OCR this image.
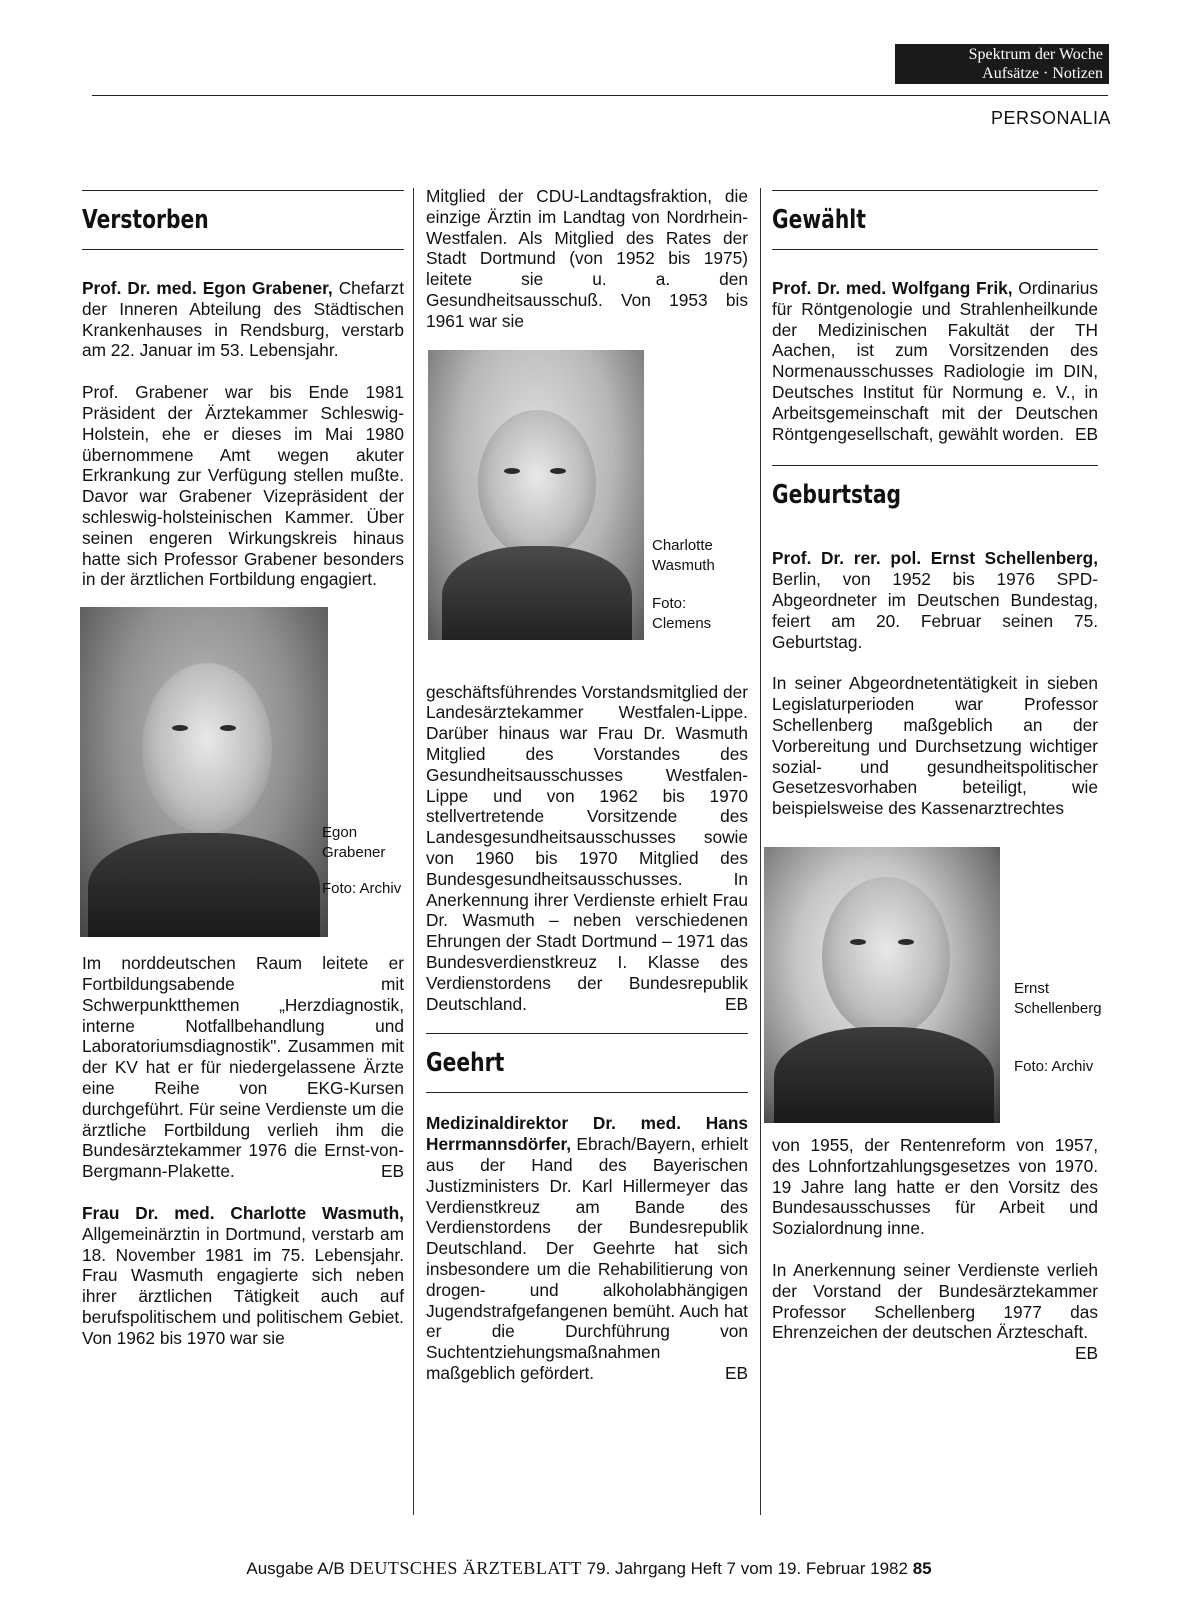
Spektrum der Woche
Aufsätze · Notizen
PERSONALIA
Verstorben

Prof. Dr. med. Egon Grabener, Chefarzt der Inneren Abteilung des Städtischen Krankenhauses in Rendsburg, verstarb am 22. Januar im 53. Lebensjahr.

Prof. Grabener war bis Ende 1981 Präsident der Ärztekammer Schleswig-Holstein, ehe er dieses im Mai 1980 übernommene Amt wegen akuter Erkrankung zur Verfügung stellen mußte. Davor war Grabener Vizepräsident der schleswig-holsteinischen Kammer. Über seinen engeren Wirkungskreis hinaus hatte sich Professor Grabener besonders in der ärztlichen Fortbildung engagiert.

Egon Grabener
Foto: Archiv

Im norddeutschen Raum leitete er Fortbildungsabende mit Schwerpunktthemen „Herzdiagnostik, interne Notfallbehandlung und Laboratoriumsdiagnostik". Zusammen mit der KV hat er für niedergelassene Ärzte eine Reihe von EKG-Kursen durchgeführt. Für seine Verdienste um die ärztliche Fortbildung verlieh ihm die Bundesärztekammer 1976 die Ernst-von-Bergmann-Plakette.	EB

Frau Dr. med. Charlotte Wasmuth, Allgemeinärztin in Dortmund, verstarb am 18. November 1981 im 75. Lebensjahr. Frau Wasmuth engagierte sich neben ihrer ärztlichen Tätigkeit auch auf berufspolitischem und politischem Gebiet. Von 1962 bis 1970 war sie

Mitglied der CDU-Landtagsfraktion, die einzige Ärztin im Landtag von Nordrhein-Westfalen. Als Mitglied des Rates der Stadt Dortmund (von 1952 bis 1975) leitete sie u. a. den Gesundheitsausschuß. Von 1953 bis 1961 war sie

Charlotte Wasmuth
Foto: Clemens

geschäftsführendes Vorstandsmitglied der Landesärztekammer Westfalen-Lippe. Darüber hinaus war Frau Dr. Wasmuth Mitglied des Vorstandes des Gesundheitsausschusses Westfalen-Lippe und von 1962 bis 1970 stellvertretende Vorsitzende des Landesgesundheitsausschusses sowie von 1960 bis 1970 Mitglied des Bundesgesundheitsausschusses. In Anerkennung ihrer Verdienste erhielt Frau Dr. Wasmuth – neben verschiedenen Ehrungen der Stadt Dortmund – 1971 das Bundesverdienstkreuz I. Klasse des Verdienstordens der Bundesrepublik Deutschland.	EB

Geehrt

Medizinaldirektor Dr. med. Hans Herrmannsdörfer, Ebrach/Bayern, erhielt aus der Hand des Bayerischen Justizministers Dr. Karl Hillermeyer das Verdienstkreuz am Bande des Verdienstordens der Bundesrepublik Deutschland. Der Geehrte hat sich insbesondere um die Rehabilitierung von drogen- und alkoholabhängigen Jugendstrafgefangenen bemüht. Auch hat er die Durchführung von Suchtentziehungsmaßnahmen maßgeblich gefördert.	EB

Gewählt

Prof. Dr. med. Wolfgang Frik, Ordinarius für Röntgenologie und Strahlenheilkunde der Medizinischen Fakultät der TH Aachen, ist zum Vorsitzenden des Normenausschusses Radiologie im DIN, Deutsches Institut für Normung e. V., in Arbeitsgemeinschaft mit der Deutschen Röntgengesellschaft, gewählt worden. EB

Geburtstag

Prof. Dr. rer. pol. Ernst Schellenberg, Berlin, von 1952 bis 1976 SPD-Abgeordneter im Deutschen Bundestag, feiert am 20. Februar seinen 75. Geburtstag.

In seiner Abgeordnetentätigkeit in sieben Legislaturperioden war Professor Schellenberg maßgeblich an der Vorbereitung und Durchsetzung wichtiger sozial- und gesundheitspolitischer Gesetzesvorhaben beteiligt, wie beispielsweise des Kassenarztrechtes

Ernst Schellenberg
Foto: Archiv

von 1955, der Rentenreform von 1957, des Lohnfortzahlungsgesetzes von 1970. 19 Jahre lang hatte er den Vorsitz des Bundesausschusses für Arbeit und Sozialordnung inne.

In Anerkennung seiner Verdienste verlieh der Vorstand der Bundesärztekammer Professor Schellenberg 1977 das Ehrenzeichen der deutschen Ärzteschaft.
EB

Ausgabe A/B DEUTSCHES ÄRZTEBLATT 79. Jahrgang Heft 7 vom 19. Februar 1982 85
